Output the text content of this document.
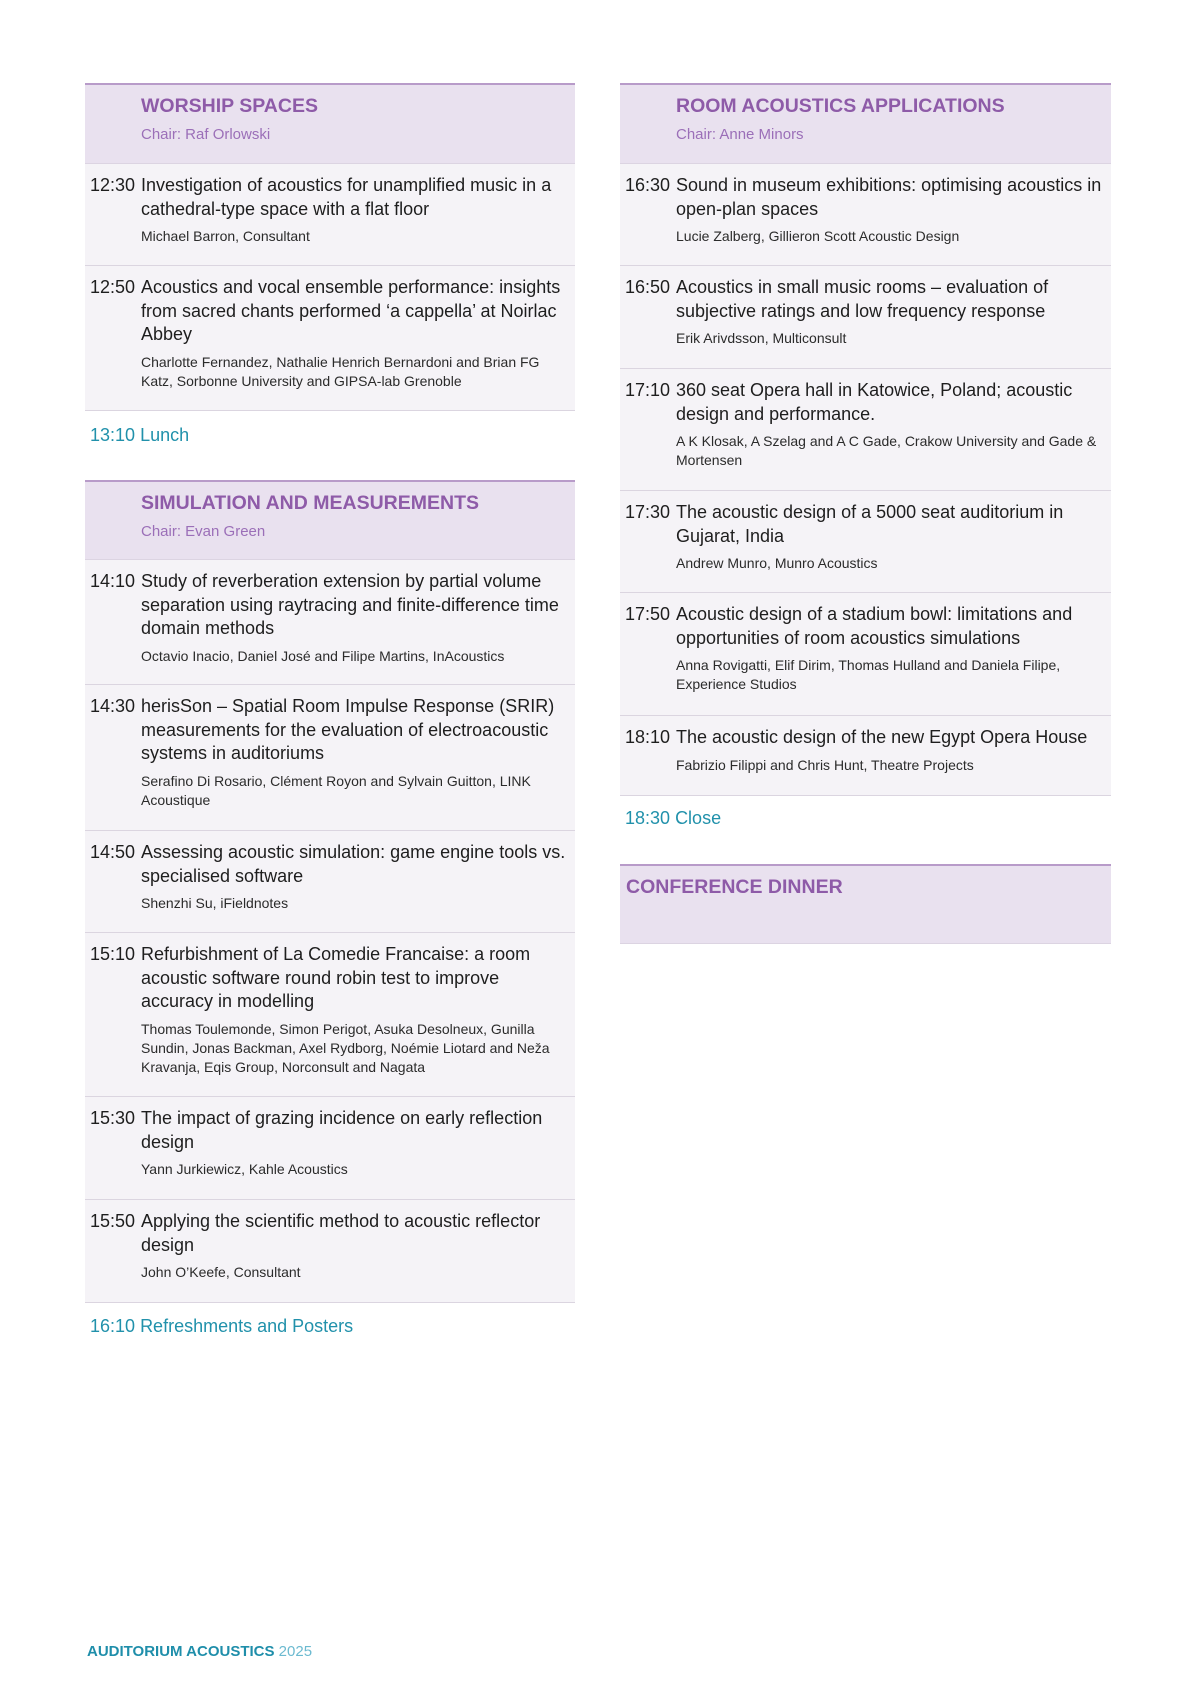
WORSHIP SPACES
Chair: Raf Orlowski
12:30 Investigation of acoustics for unamplified music in a cathedral-type space with a flat floor
Michael Barron, Consultant
12:50 Acoustics and vocal ensemble performance: insights from sacred chants performed ‘a cappella’ at Noirlac Abbey
Charlotte Fernandez, Nathalie Henrich Bernardoni and Brian FG Katz, Sorbonne University and GIPSA-lab Grenoble
13:10 Lunch
SIMULATION AND MEASUREMENTS
Chair: Evan Green
14:10 Study of reverberation extension by partial volume separation using raytracing and finite-difference time domain methods
Octavio Inacio, Daniel José and Filipe Martins, InAcoustics
14:30 herisSon – Spatial Room Impulse Response (SRIR) measurements for the evaluation of electroacoustic systems in auditoriums
Serafino Di Rosario, Clément Royon and Sylvain Guitton, LINK Acoustique
14:50 Assessing acoustic simulation: game engine tools vs. specialised software
Shenzhi Su, iFieldnotes
15:10 Refurbishment of La Comedie Francaise: a room acoustic software round robin test to improve accuracy in modelling
Thomas Toulemonde, Simon Perigot, Asuka Desolneux, Gunilla Sundin, Jonas Backman, Axel Rydborg, Noémie Liotard and Neža Kravanja, Eqis Group, Norconsult and Nagata
15:30 The impact of grazing incidence on early reflection design
Yann Jurkiewicz, Kahle Acoustics
15:50 Applying the scientific method to acoustic reflector design
John O’Keefe, Consultant
16:10 Refreshments and Posters
ROOM ACOUSTICS APPLICATIONS
Chair: Anne Minors
16:30 Sound in museum exhibitions: optimising acoustics in open-plan spaces
Lucie Zalberg, Gillieron Scott Acoustic Design
16:50 Acoustics in small music rooms – evaluation of subjective ratings and low frequency response
Erik Arivdsson, Multiconsult
17:10 360 seat Opera hall in Katowice, Poland; acoustic design and performance.
A K Klosak, A Szelag and A C Gade, Crakow University and Gade & Mortensen
17:30 The acoustic design of a 5000 seat auditorium in Gujarat, India
Andrew Munro, Munro Acoustics
17:50 Acoustic design of a stadium bowl: limitations and opportunities of room acoustics simulations
Anna Rovigatti, Elif Dirim, Thomas Hulland and Daniela Filipe, Experience Studios
18:10 The acoustic design of the new Egypt Opera House
Fabrizio Filippi and Chris Hunt, Theatre Projects
18:30 Close
CONFERENCE DINNER
AUDITORIUM ACOUSTICS 2025
